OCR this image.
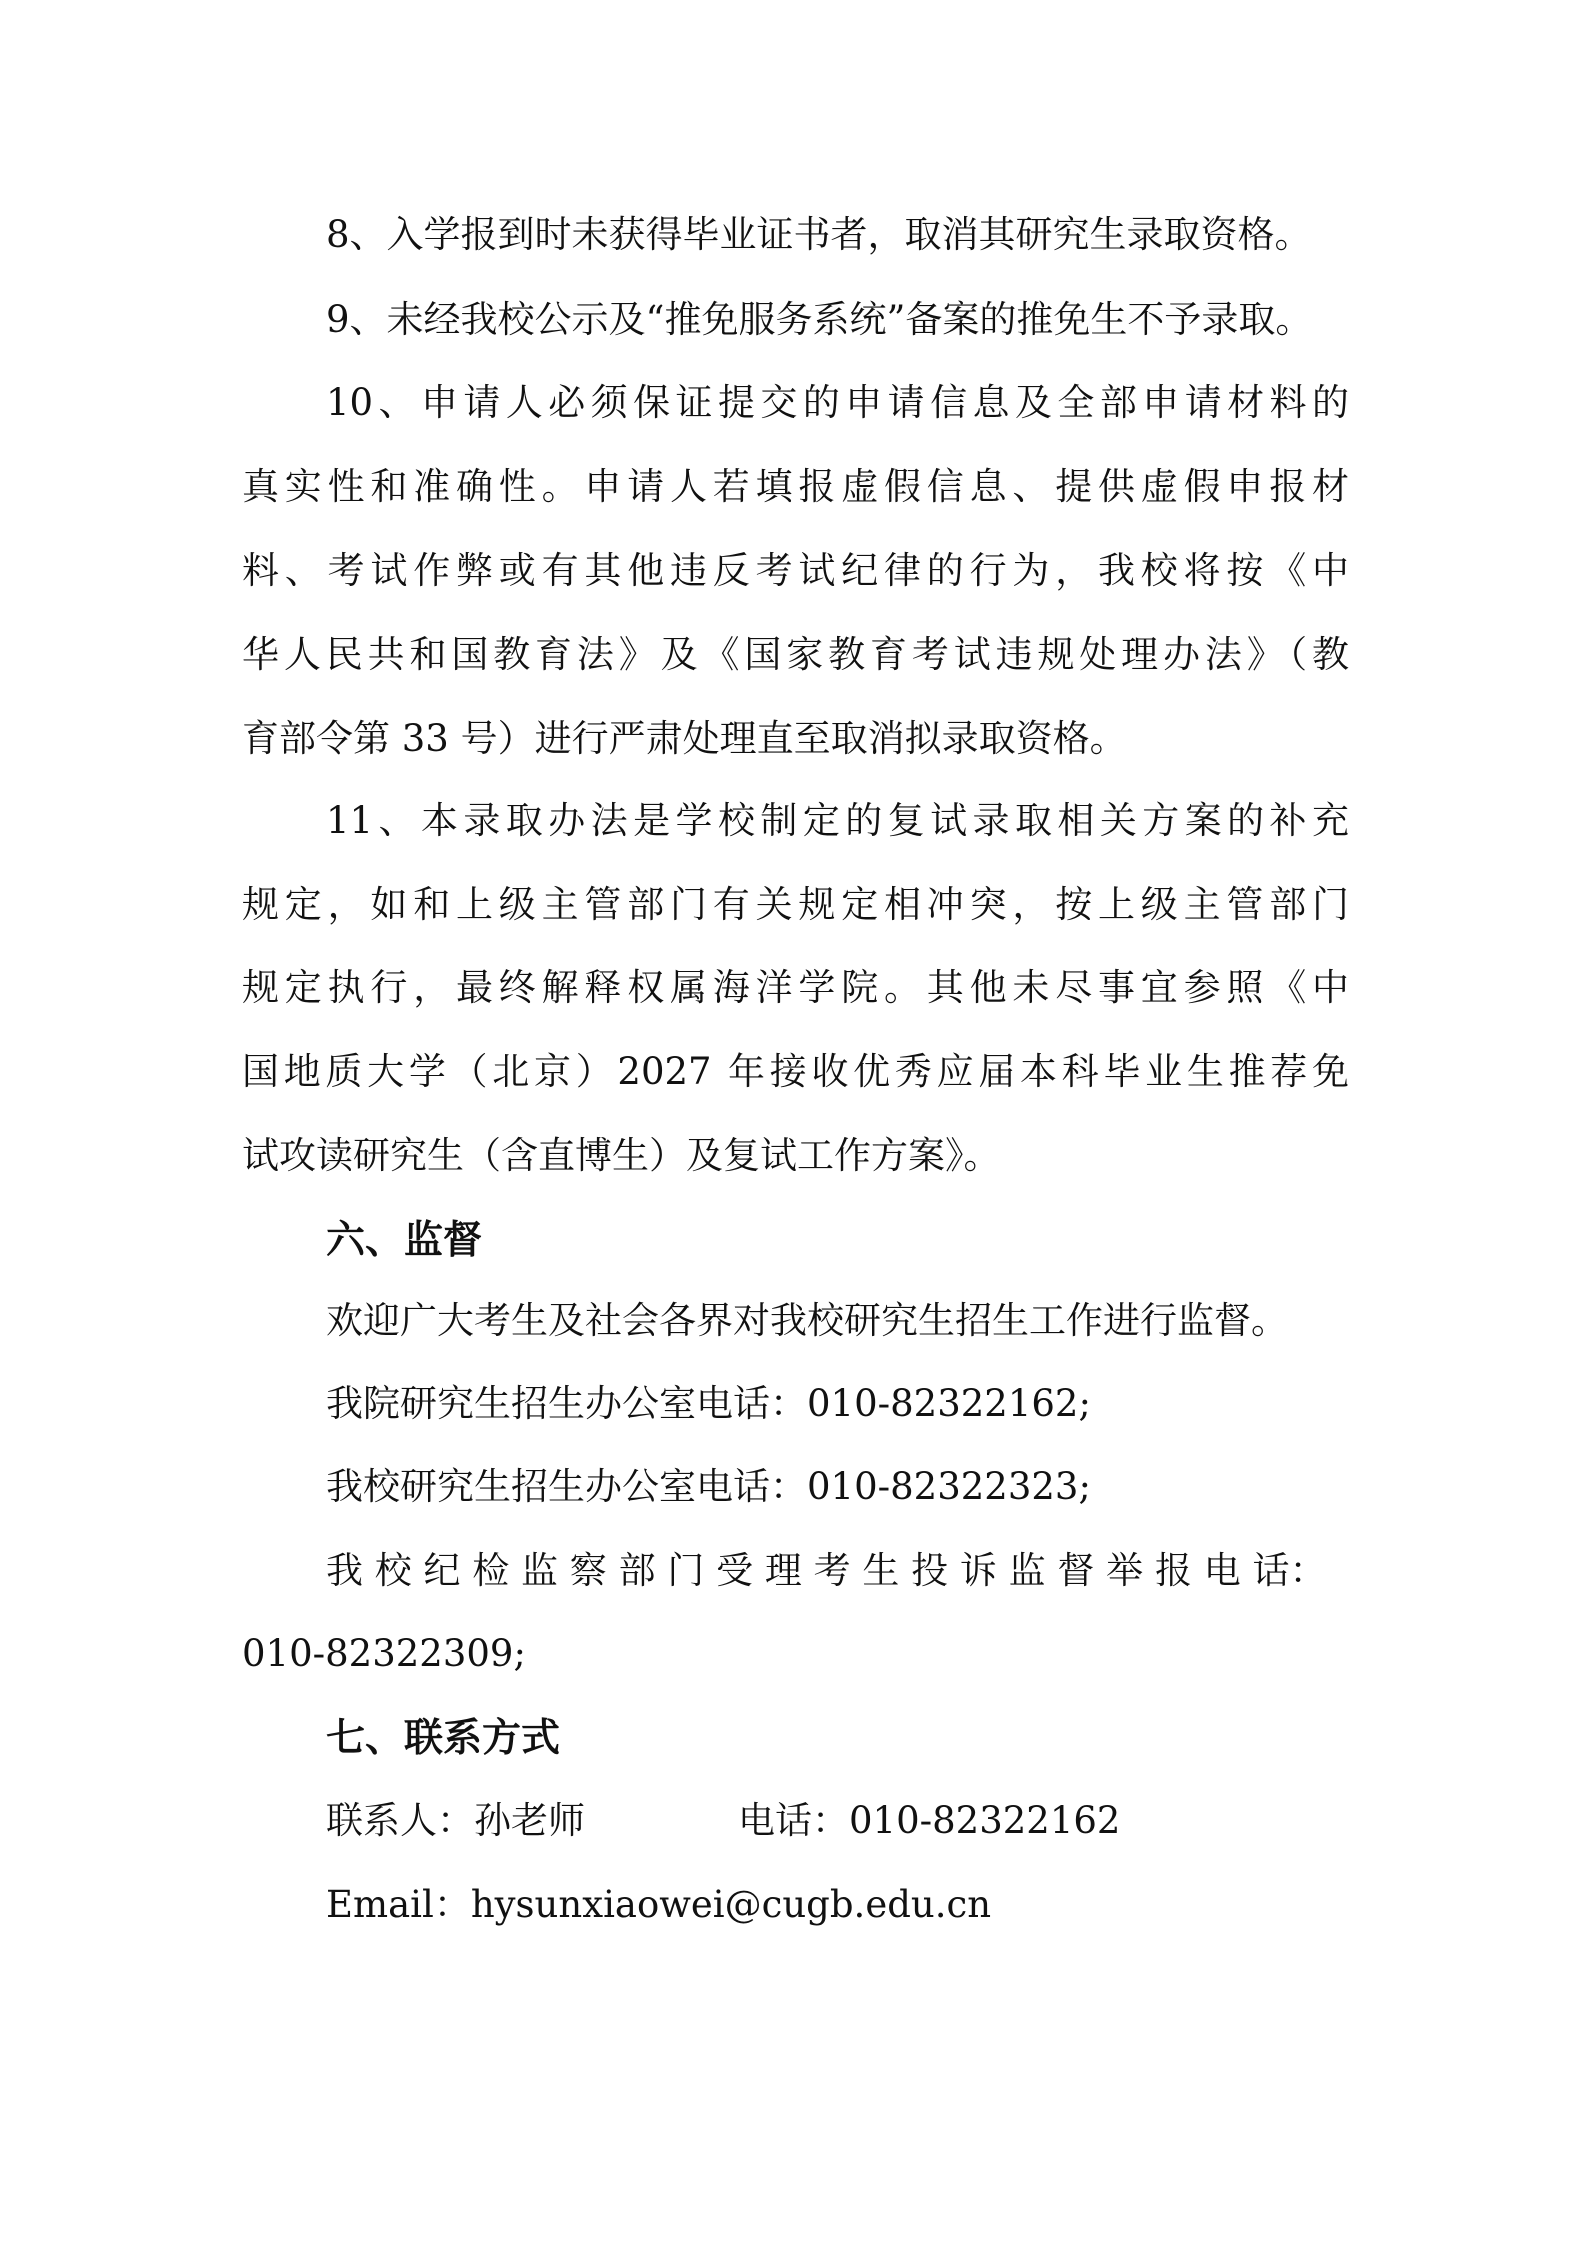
8、入学报到时未获得毕业证书者，取消其研究生录取资格。
9、未经我校公示及“推免服务系统”备案的推免生不予录取。
10、申请人必须保证提交的申请信息及全部申请材料的
真实性和准确性。申请人若填报虚假信息、提供虚假申报材
料、考试作弊或有其他违反考试纪律的行为，我校将按《中
华人民共和国教育法》及《国家教育考试违规处理办法》（教
育部令第 33 号）进行严肃处理直至取消拟录取资格。
11、本录取办法是学校制定的复试录取相关方案的补充
规定，如和上级主管部门有关规定相冲突，按上级主管部门
规定执行，最终解释权属海洋学院。其他未尽事宜参照《中
国地质大学（北京）2027 年接收优秀应届本科毕业生推荐免
试攻读研究生（含直博生）及复试工作方案》。
六、监督
欢迎广大考生及社会各界对我校研究生招生工作进行监督。
我院研究生招生办公室电话：010-82322162;
我校研究生招生办公室电话：010-82322323;
我 校 纪 检 监 察 部 门 受 理 考 生 投 诉 监 督 举 报 电 话：
010-82322309;
七、联系方式
联系人：孙老师	电话：010-82322162
Email：hysunxiaowei@cugb.edu.cn
